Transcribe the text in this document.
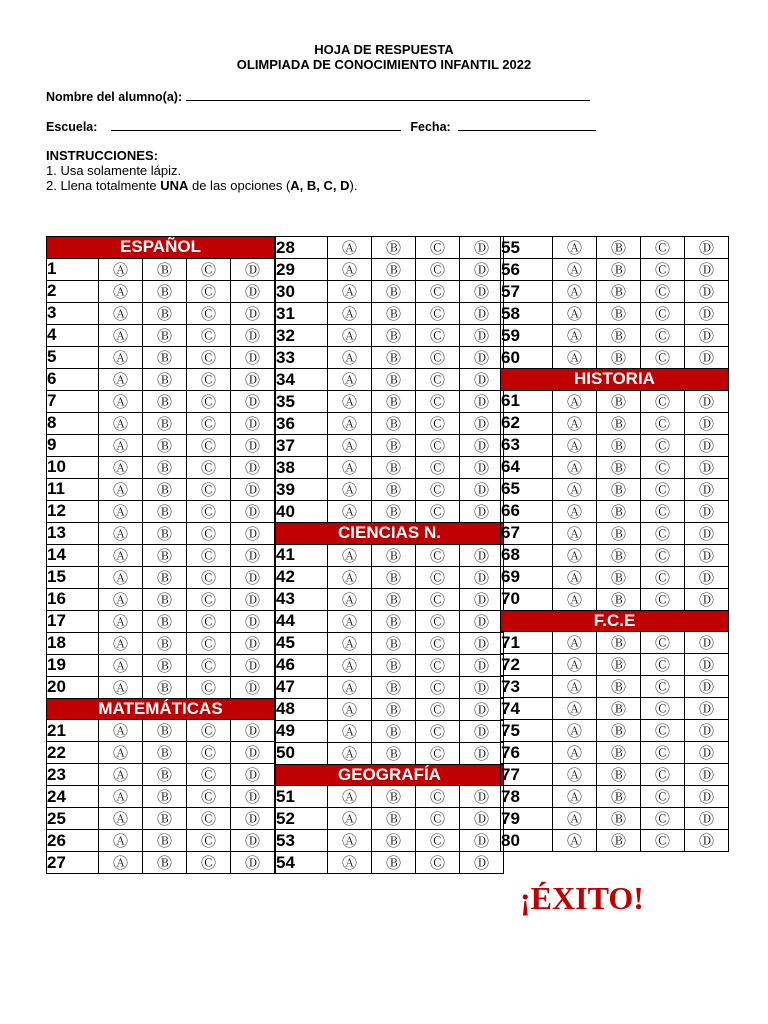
HOJA DE RESPUESTA
OLIMPIADA DE CONOCIMIENTO INFANTIL 2022
Nombre del alumno(a):
Escuela:	Fecha:
INSTRUCCIONES:
1. Usa solamente lápiz.
2. Llena totalmente UNA de las opciones (A, B, C, D).
ESPAÑOL				
1	Ⓐ	Ⓑ	Ⓒ	Ⓓ
2	Ⓐ	Ⓑ	Ⓒ	Ⓓ
3	Ⓐ	Ⓑ	Ⓒ	Ⓓ
4	Ⓐ	Ⓑ	Ⓒ	Ⓓ
5	Ⓐ	Ⓑ	Ⓒ	Ⓓ
6	Ⓐ	Ⓑ	Ⓒ	Ⓓ
7	Ⓐ	Ⓑ	Ⓒ	Ⓓ
8	Ⓐ	Ⓑ	Ⓒ	Ⓓ
9	Ⓐ	Ⓑ	Ⓒ	Ⓓ
10	Ⓐ	Ⓑ	Ⓒ	Ⓓ
11	Ⓐ	Ⓑ	Ⓒ	Ⓓ
12	Ⓐ	Ⓑ	Ⓒ	Ⓓ
13	Ⓐ	Ⓑ	Ⓒ	Ⓓ
14	Ⓐ	Ⓑ	Ⓒ	Ⓓ
15	Ⓐ	Ⓑ	Ⓒ	Ⓓ
16	Ⓐ	Ⓑ	Ⓒ	Ⓓ
17	Ⓐ	Ⓑ	Ⓒ	Ⓓ
18	Ⓐ	Ⓑ	Ⓒ	Ⓓ
19	Ⓐ	Ⓑ	Ⓒ	Ⓓ
20	Ⓐ	Ⓑ	Ⓒ	Ⓓ
MATEMÁTICAS				
21	Ⓐ	Ⓑ	Ⓒ	Ⓓ
22	Ⓐ	Ⓑ	Ⓒ	Ⓓ
23	Ⓐ	Ⓑ	Ⓒ	Ⓓ
24	Ⓐ	Ⓑ	Ⓒ	Ⓓ
25	Ⓐ	Ⓑ	Ⓒ	Ⓓ
26	Ⓐ	Ⓑ	Ⓒ	Ⓓ
27	Ⓐ	Ⓑ	Ⓒ	Ⓓ
28	Ⓐ	Ⓑ	Ⓒ	Ⓓ
29	Ⓐ	Ⓑ	Ⓒ	Ⓓ
30	Ⓐ	Ⓑ	Ⓒ	Ⓓ
31	Ⓐ	Ⓑ	Ⓒ	Ⓓ
32	Ⓐ	Ⓑ	Ⓒ	Ⓓ
33	Ⓐ	Ⓑ	Ⓒ	Ⓓ
34	Ⓐ	Ⓑ	Ⓒ	Ⓓ
35	Ⓐ	Ⓑ	Ⓒ	Ⓓ
36	Ⓐ	Ⓑ	Ⓒ	Ⓓ
37	Ⓐ	Ⓑ	Ⓒ	Ⓓ
38	Ⓐ	Ⓑ	Ⓒ	Ⓓ
39	Ⓐ	Ⓑ	Ⓒ	Ⓓ
40	Ⓐ	Ⓑ	Ⓒ	Ⓓ
CIENCIAS N.				
41	Ⓐ	Ⓑ	Ⓒ	Ⓓ
42	Ⓐ	Ⓑ	Ⓒ	Ⓓ
43	Ⓐ	Ⓑ	Ⓒ	Ⓓ
44	Ⓐ	Ⓑ	Ⓒ	Ⓓ
45	Ⓐ	Ⓑ	Ⓒ	Ⓓ
46	Ⓐ	Ⓑ	Ⓒ	Ⓓ
47	Ⓐ	Ⓑ	Ⓒ	Ⓓ
48	Ⓐ	Ⓑ	Ⓒ	Ⓓ
49	Ⓐ	Ⓑ	Ⓒ	Ⓓ
50	Ⓐ	Ⓑ	Ⓒ	Ⓓ
GEOGRAFÍA				
51	Ⓐ	Ⓑ	Ⓒ	Ⓓ
52	Ⓐ	Ⓑ	Ⓒ	Ⓓ
53	Ⓐ	Ⓑ	Ⓒ	Ⓓ
54	Ⓐ	Ⓑ	Ⓒ	Ⓓ
55	Ⓐ	Ⓑ	Ⓒ	Ⓓ
56	Ⓐ	Ⓑ	Ⓒ	Ⓓ
57	Ⓐ	Ⓑ	Ⓒ	Ⓓ
58	Ⓐ	Ⓑ	Ⓒ	Ⓓ
59	Ⓐ	Ⓑ	Ⓒ	Ⓓ
60	Ⓐ	Ⓑ	Ⓒ	Ⓓ
HISTORIA				
61	Ⓐ	Ⓑ	Ⓒ	Ⓓ
62	Ⓐ	Ⓑ	Ⓒ	Ⓓ
63	Ⓐ	Ⓑ	Ⓒ	Ⓓ
64	Ⓐ	Ⓑ	Ⓒ	Ⓓ
65	Ⓐ	Ⓑ	Ⓒ	Ⓓ
66	Ⓐ	Ⓑ	Ⓒ	Ⓓ
67	Ⓐ	Ⓑ	Ⓒ	Ⓓ
68	Ⓐ	Ⓑ	Ⓒ	Ⓓ
69	Ⓐ	Ⓑ	Ⓒ	Ⓓ
70	Ⓐ	Ⓑ	Ⓒ	Ⓓ
F.C.E				
71	Ⓐ	Ⓑ	Ⓒ	Ⓓ
72	Ⓐ	Ⓑ	Ⓒ	Ⓓ
73	Ⓐ	Ⓑ	Ⓒ	Ⓓ
74	Ⓐ	Ⓑ	Ⓒ	Ⓓ
75	Ⓐ	Ⓑ	Ⓒ	Ⓓ
76	Ⓐ	Ⓑ	Ⓒ	Ⓓ
77	Ⓐ	Ⓑ	Ⓒ	Ⓓ
78	Ⓐ	Ⓑ	Ⓒ	Ⓓ
79	Ⓐ	Ⓑ	Ⓒ	Ⓓ
80	Ⓐ	Ⓑ	Ⓒ	Ⓓ

¡ÉXITO!
